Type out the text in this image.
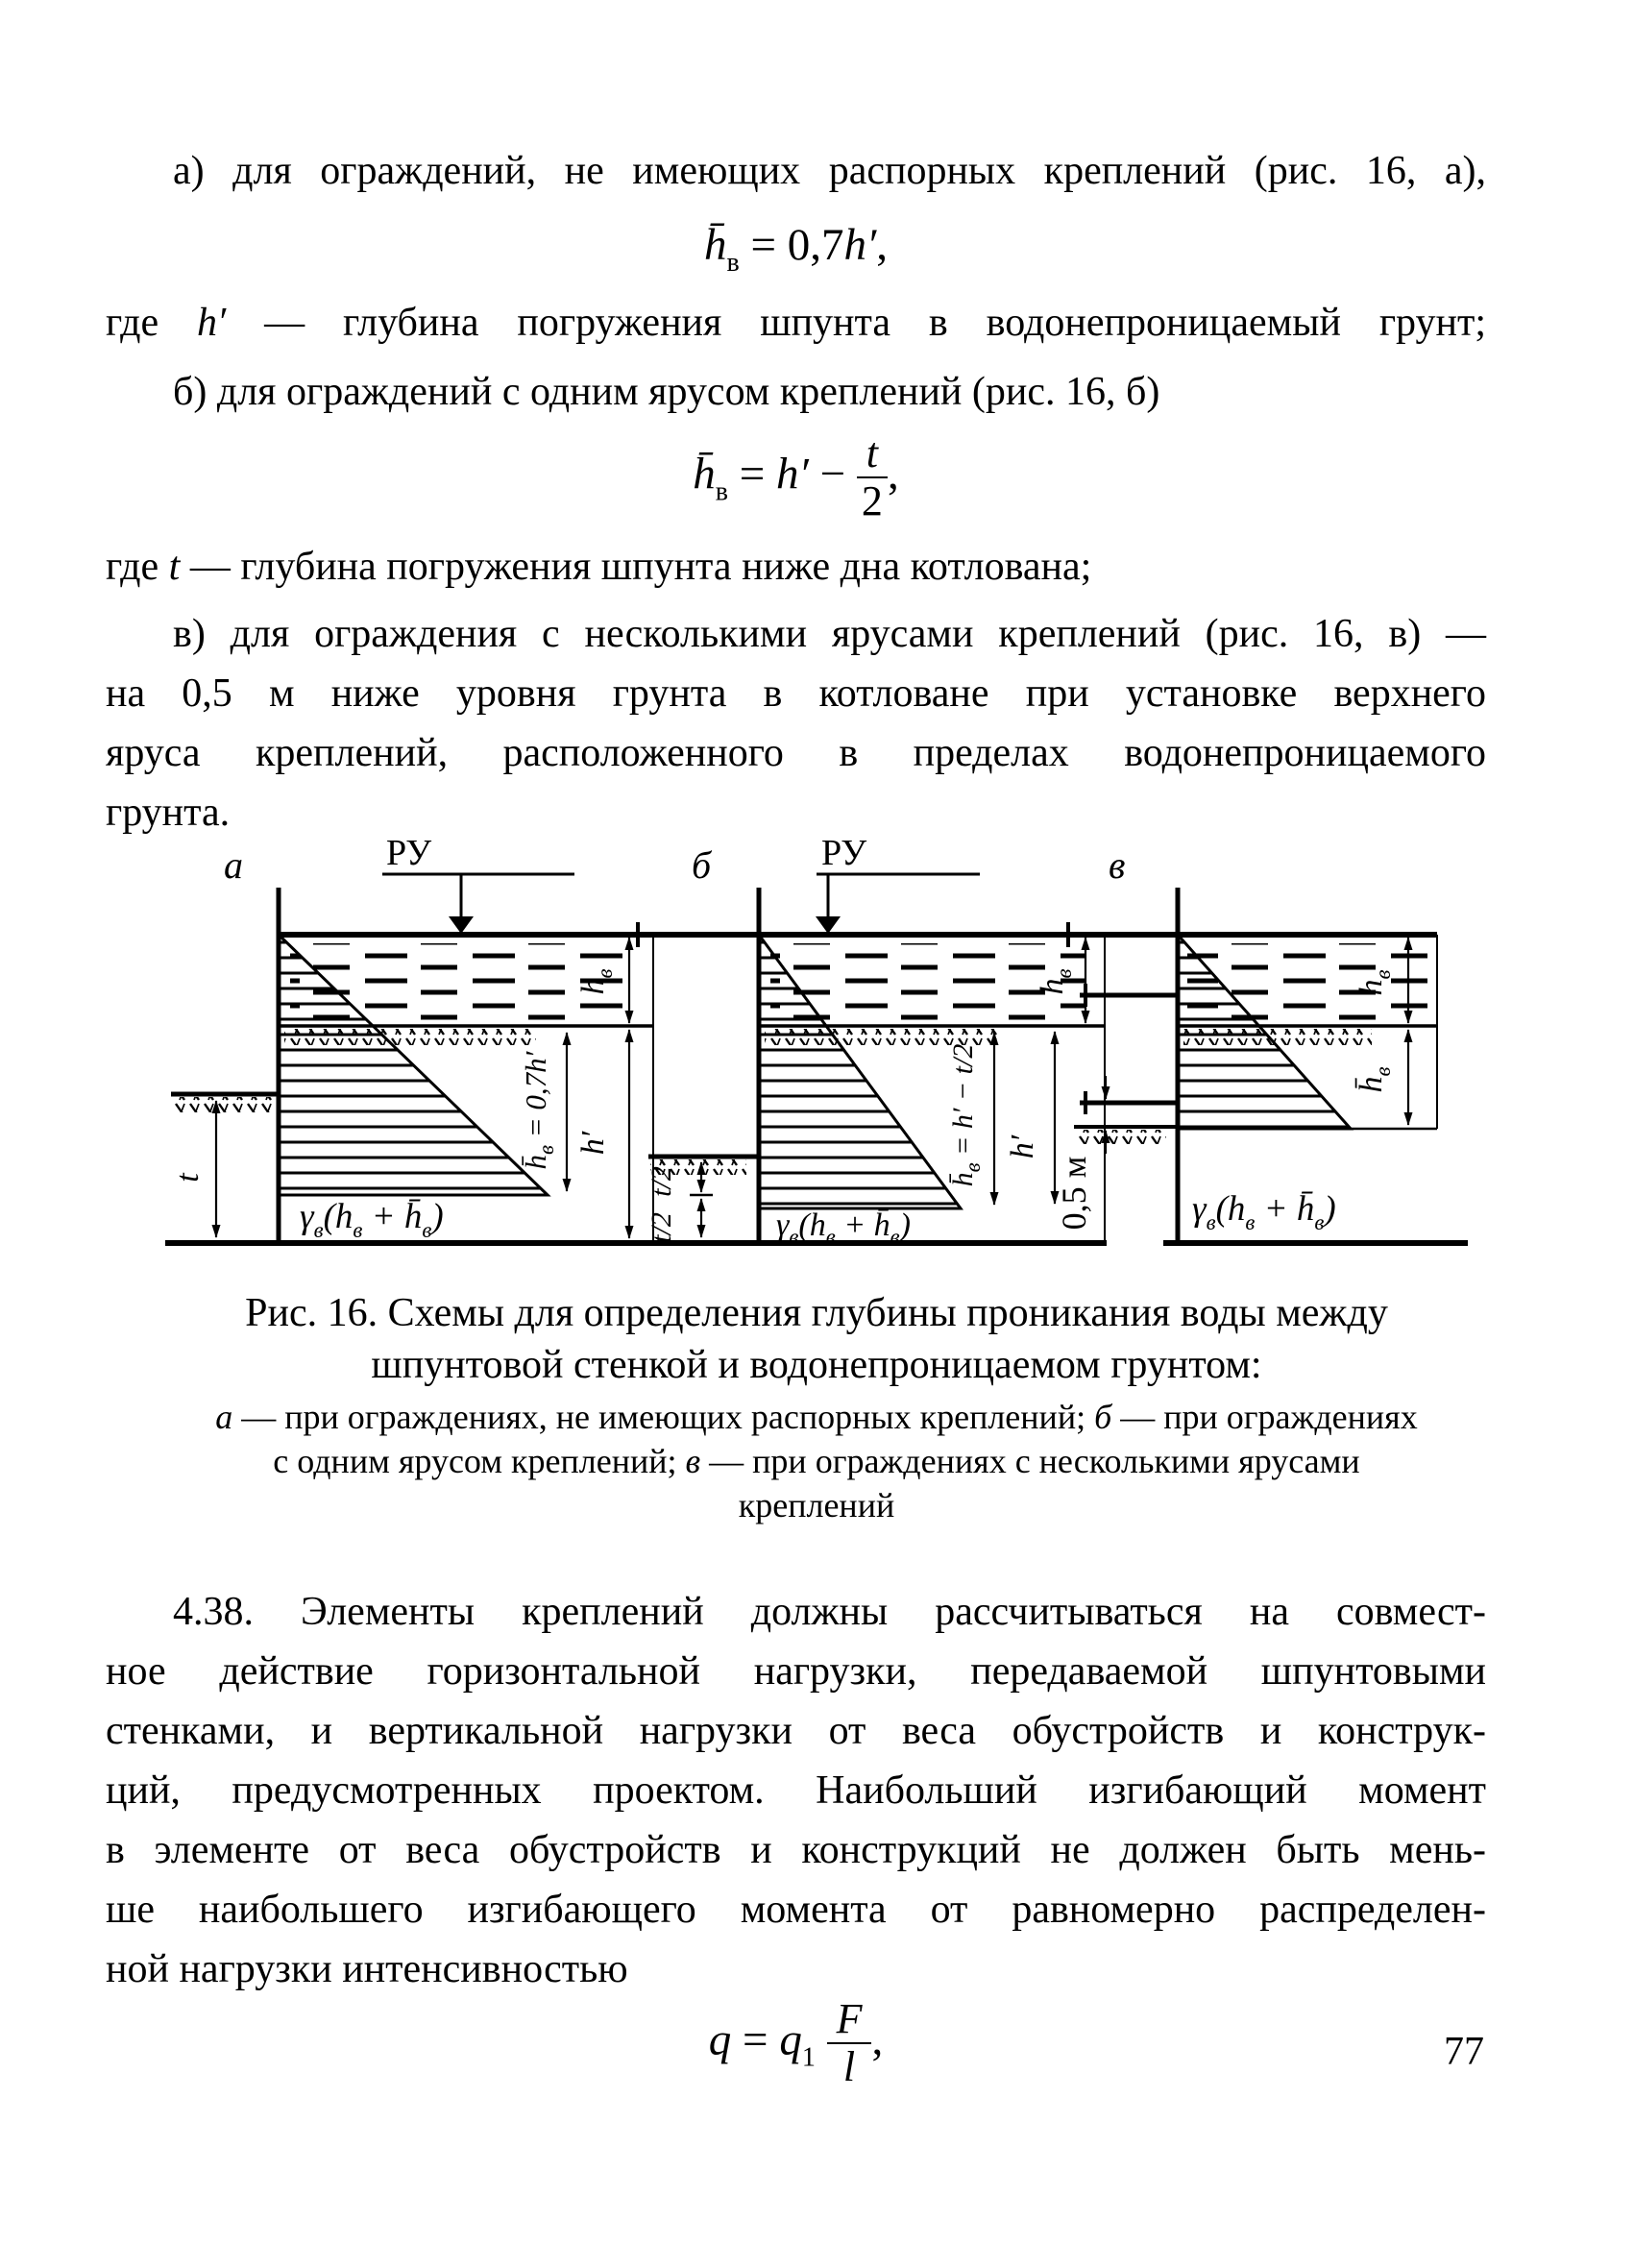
а) для ограждений, не имеющих распорных креплений (рис. 16, а),
$h̄_в = 0,7h'$,
где h′ — глубина погружения шпунта в водонепроницаемый грунт;
б) для ограждений с одним ярусом креплений (рис. 16, б)
$h̄_в = h' - \frac{t}{2}$ ,
где t — глубина погружения шпунта ниже дна котлована;
в) для ограждения с несколькими ярусами креплений (рис. 16, в) —
на 0,5 м ниже уровня грунта в котловане при установке верхнего
яруса креплений, расположенного в пределах водонепроницаемого
грунта.
а	РУ
t
$h_в$
h′
$h̄_в = 0,7h'$
$\gamma_в(h_в$ + $h̄_в$)
б	РУ
t/2
t/2
$h̄_в = h' - t/2$ h′
$h_в$
$\gamma_в(h_в$ + $h̄_в$)
в
0,5 м
$h_в$
$h̄_в$
$\gamma_в(h_в$ + $h̄_в$)
Рис. 16. Схемы для определения глубины проникания воды между
шпунтовой стенкой и водонепроницаемом грунтом:
а — при ограждениях, не имеющих распорных креплений; б — при ограждениях
с одним ярусом креплений; в — при ограждениях с несколькими ярусами
креплений
4.38. Элементы креплений должны рассчитываться на совмест-
ное действие горизонтальной нагрузки, передаваемой шпунтовыми
стенками, и вертикальной нагрузки от веса обустройств и конструк-
ций, предусмотренных проектом. Наибольший изгибающий момент
в элементе от веса обустройств и конструкций не должен быть мень-
ше наибольшего изгибающего момента от равномерно распределен-
ной нагрузки интенсивностью
$q = q_1 \frac{F}{l}$ ,	77
